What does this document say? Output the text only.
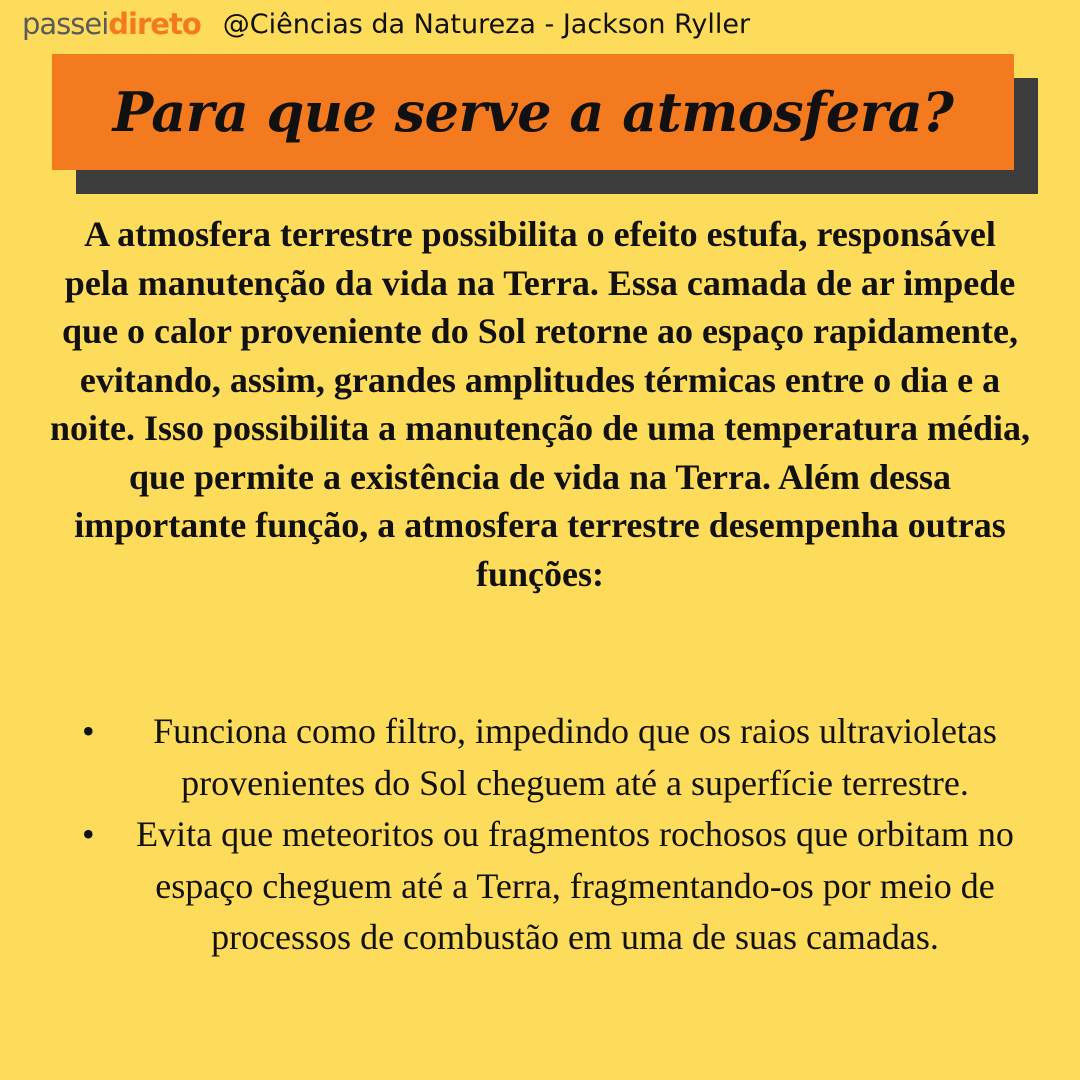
passeidireto @Ciências da Natureza - Jackson Ryller
Para que serve a atmosfera?

A atmosfera terrestre possibilita o efeito estufa, responsável pela manutenção da vida na Terra. Essa camada de ar impede que o calor proveniente do Sol retorne ao espaço rapidamente, evitando, assim, grandes amplitudes térmicas entre o dia e a noite. Isso possibilita a manutenção de uma temperatura média, que permite a existência de vida na Terra. Além dessa importante função, a atmosfera terrestre desempenha outras funções:

• Funciona como filtro, impedindo que os raios ultravioletas provenientes do Sol cheguem até a superfície terrestre.
• Evita que meteoritos ou fragmentos rochosos que orbitam no espaço cheguem até a Terra, fragmentando-os por meio de processos de combustão em uma de suas camadas.
